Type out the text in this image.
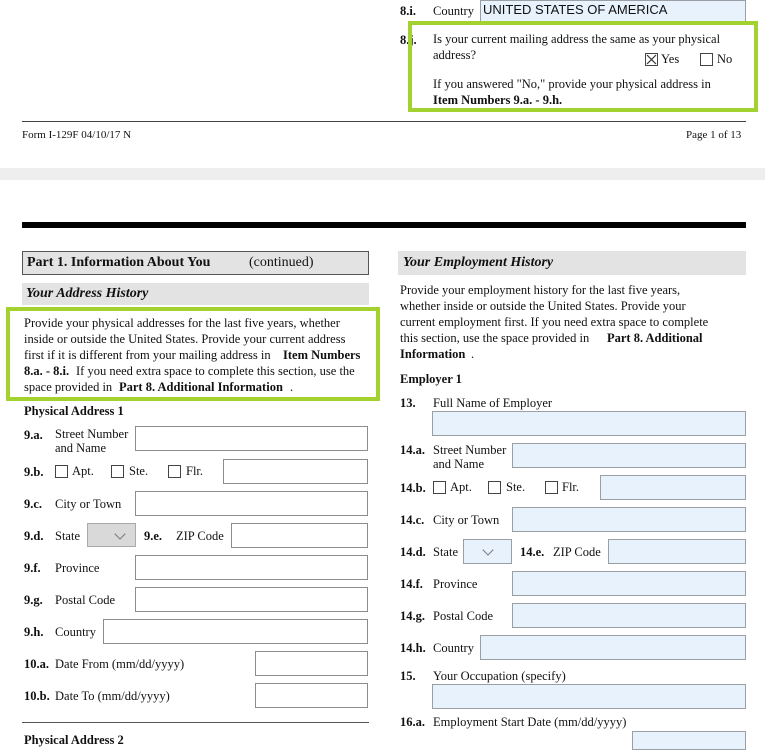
8.i. Country UNITED STATES OF AMERICA
8.j. Is your current mailing address the same as your physical
address?	Yes	No
If you answered "No," provide your physical address in
Item Numbers 9.a. - 9.h.
Form I-129F 04/10/17 N	Page 1 of 13
Part 1. Information About You	(continued)
Your Address History
Provide your physical addresses for the last five years, whether
inside or outside the United States. Provide your current address
first if it is different from your mailing address in Item Numbers
8.a. - 8.i. If you need extra space to complete this section, use the
space provided in Part 8. Additional Information .
Physical Address 1
9.a. Street Number
and Name
9.b. Apt.	Ste.	Flr.
9.c. City or Town
9.d. State	9.e. ZIP Code
9.f. Province
9.g. Postal Code
9.h. Country
10.a. Date From (mm/dd/yyyy)
10.b. Date To (mm/dd/yyyy)
Physical Address 2
Your Employment History
Provide your employment history for the last five years,
whether inside or outside the United States. Provide your
current employment first. If you need extra space to complete
this section, use the space provided in Part 8. Additional
Information .
Employer 1
13. Full Name of Employer
14.a. Street Number
and Name
14.b. Apt.	Ste.	Flr.
14.c. City or Town
14.d. State	14.e. ZIP Code
14.f. Province
14.g. Postal Code
14.h. Country
15. Your Occupation (specify)
16.a. Employment Start Date (mm/dd/yyyy)
